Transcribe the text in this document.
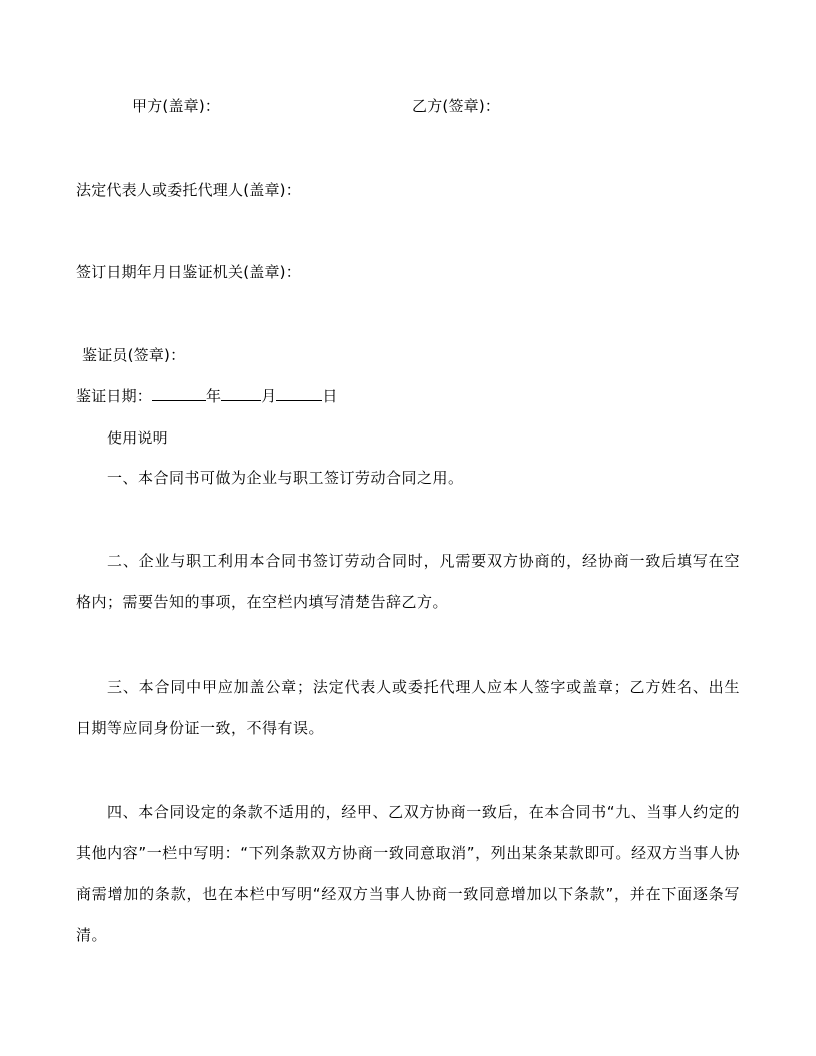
甲方(盖章)：	乙方(签章)：
法定代表人或委托代理人(盖章)：
签订日期年月日鉴证机关(盖章)：
鉴证员(签章)：
鉴证日期：	年	月	日
使用说明
一、本合同书可做为企业与职工签订劳动合同之用。
二、企业与职工利用本合同书签订劳动合同时，凡需要双方协商的，经协商一致后填写在空格内；需要告知的事项，在空栏内填写清楚告辞乙方。
三、本合同中甲应加盖公章；法定代表人或委托代理人应本人签字或盖章；乙方姓名、出生日期等应同身份证一致，不得有误。
四、本合同设定的条款不适用的，经甲、乙双方协商一致后，在本合同书“九、当事人约定的其他内容”一栏中写明：“下列条款双方协商一致同意取消”，列出某条某款即可。经双方当事人协商需增加的条款，也在本栏中写明“经双方当事人协商一致同意增加以下条款”，并在下面逐条写清。
